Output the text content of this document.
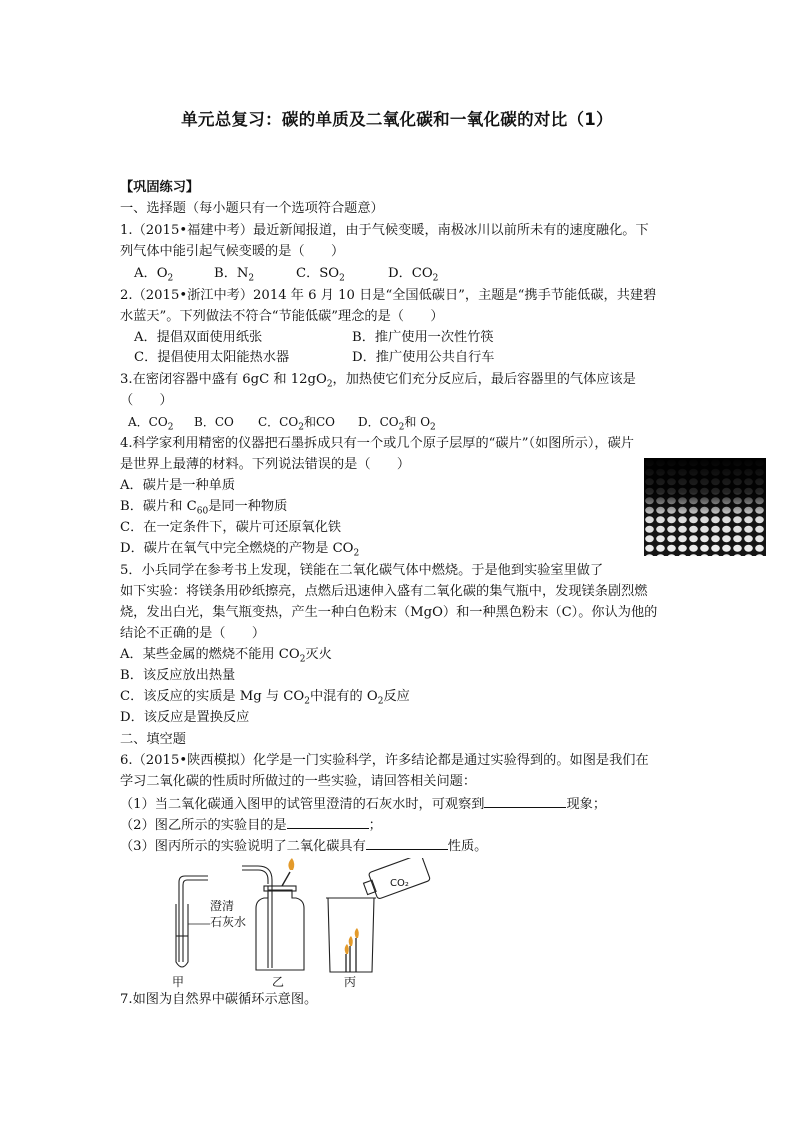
单元总复习：碳的单质及二氧化碳和一氧化碳的对比（1）
【巩固练习】
一、选择题（每小题只有一个选项符合题意）
1.（2015•福建中考）最近新闻报道，由于气候变暖，南极冰川以前所未有的速度融化。下
列气体中能引起气候变暖的是（　　）
A．$O_2$	B．$N_2$	C．$SO_2$	D．$CO_2$
2.（2015•浙江中考）2014 年 6 月 10 日是“全国低碳日”，主题是“携手节能低碳，共建碧
水蓝天”。下列做法不符合“节能低碳”理念的是（　　）
A．提倡双面使用纸张	B．推广使用一次性竹筷
C．提倡使用太阳能热水器	D．推广使用公共自行车
3.在密闭容器中盛有 6gC 和 $12gO_2$，加热使它们充分反应后，最后容器里的气体应该是
（　　）
A．$CO_2$ B．CO C．$CO_2$和CO D．$CO_2$和 $O_2$
4.科学家利用精密的仪器把石墨拆成只有一个或几个原子层厚的“碳片”（如图所示），碳片
是世界上最薄的材料。下列说法错误的是（　　）
A．碳片是一种单质
B．碳片和 $C_{60}$是同一种物质
C．在一定条件下，碳片可还原氧化铁
D．碳片在氧气中完全燃烧的产物是 $CO_2$
5．小兵同学在参考书上发现，镁能在二氧化碳气体中燃烧。于是他到实验室里做了
如下实验：将镁条用砂纸擦亮，点燃后迅速伸入盛有二氧化碳的集气瓶中，发现镁条剧烈燃
烧，发出白光，集气瓶变热，产生一种白色粉末（MgO）和一种黑色粉末（C）。你认为他的
结论不正确的是（　　）
A．某些金属的燃烧不能用 $CO_2$灭火
B．该反应放出热量
C．该反应的实质是 Mg 与 $CO_2$中混有的 $O_2$反应
D．该反应是置换反应
二、填空题
6.（2015•陕西模拟）化学是一门实验科学，许多结论都是通过实验得到的。如图是我们在
学习二氧化碳的性质时所做过的一些实验，请回答相关问题：
（1）当二氧化碳通入图甲的试管里澄清的石灰水时，可观察到	现象；
（2）图乙所示的实验目的是	；
（3）图丙所示的实验说明了二氧化碳具有	性质。
澄清
石灰水
甲	乙	丙
CO₂
7.如图为自然界中碳循环示意图。
